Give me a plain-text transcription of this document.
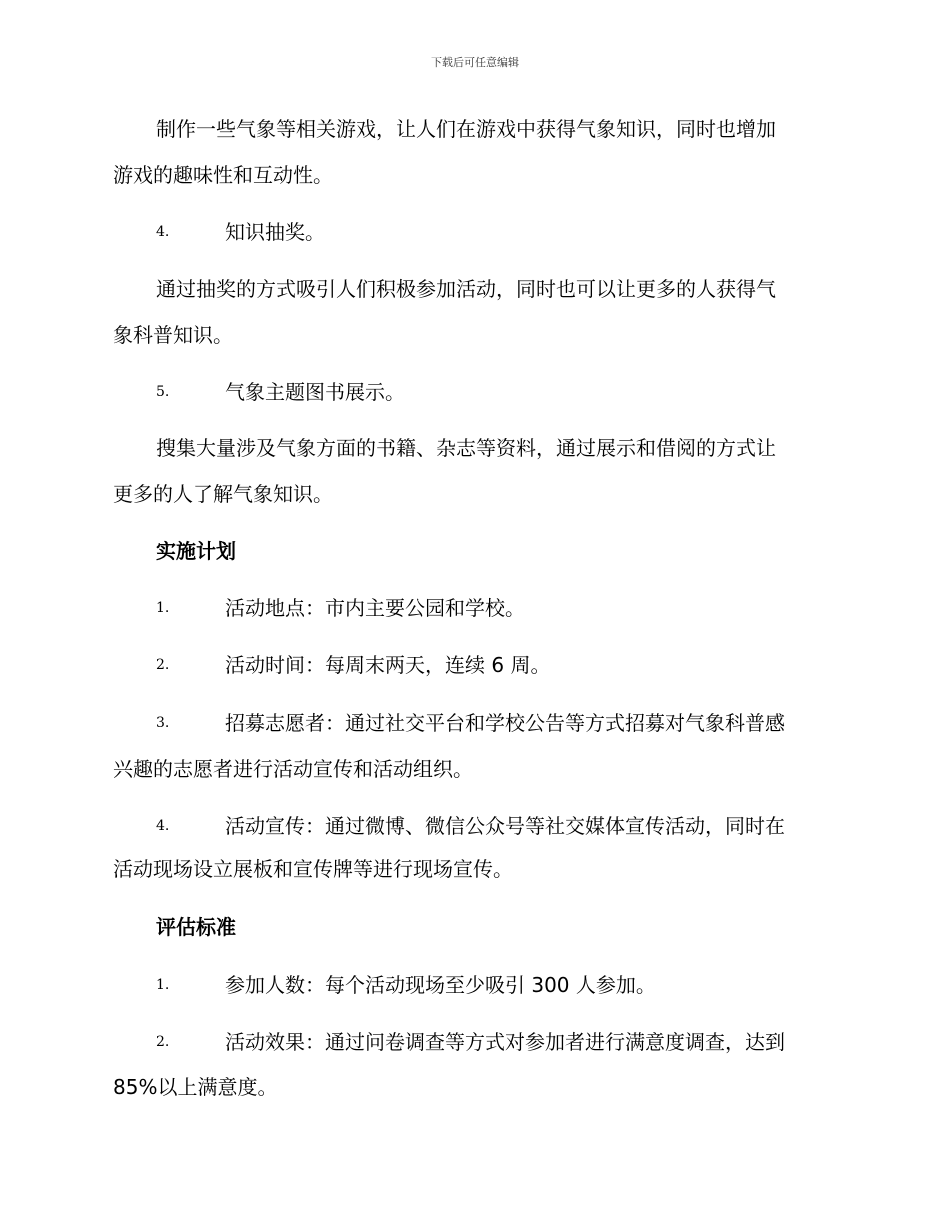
下载后可任意编辑
制作一些气象等相关游戏，让人们在游戏中获得气象知识，同时也增加
游戏的趣味性和互动性。
4.	知识抽奖。
通过抽奖的方式吸引人们积极参加活动，同时也可以让更多的人获得气
象科普知识。
5.	气象主题图书展示。
搜集大量涉及气象方面的书籍、杂志等资料，通过展示和借阅的方式让
更多的人了解气象知识。
实施计划
1.	活动地点：市内主要公园和学校。
2.	活动时间：每周末两天，连续 6 周。
3.	招募志愿者：通过社交平台和学校公告等方式招募对气象科普感
兴趣的志愿者进行活动宣传和活动组织。
4.	活动宣传：通过微博、微信公众号等社交媒体宣传活动，同时在
活动现场设立展板和宣传牌等进行现场宣传。
评估标准
1.	参加人数：每个活动现场至少吸引 300 人参加。
2.	活动效果：通过问卷调查等方式对参加者进行满意度调查，达到
85%以上满意度。
